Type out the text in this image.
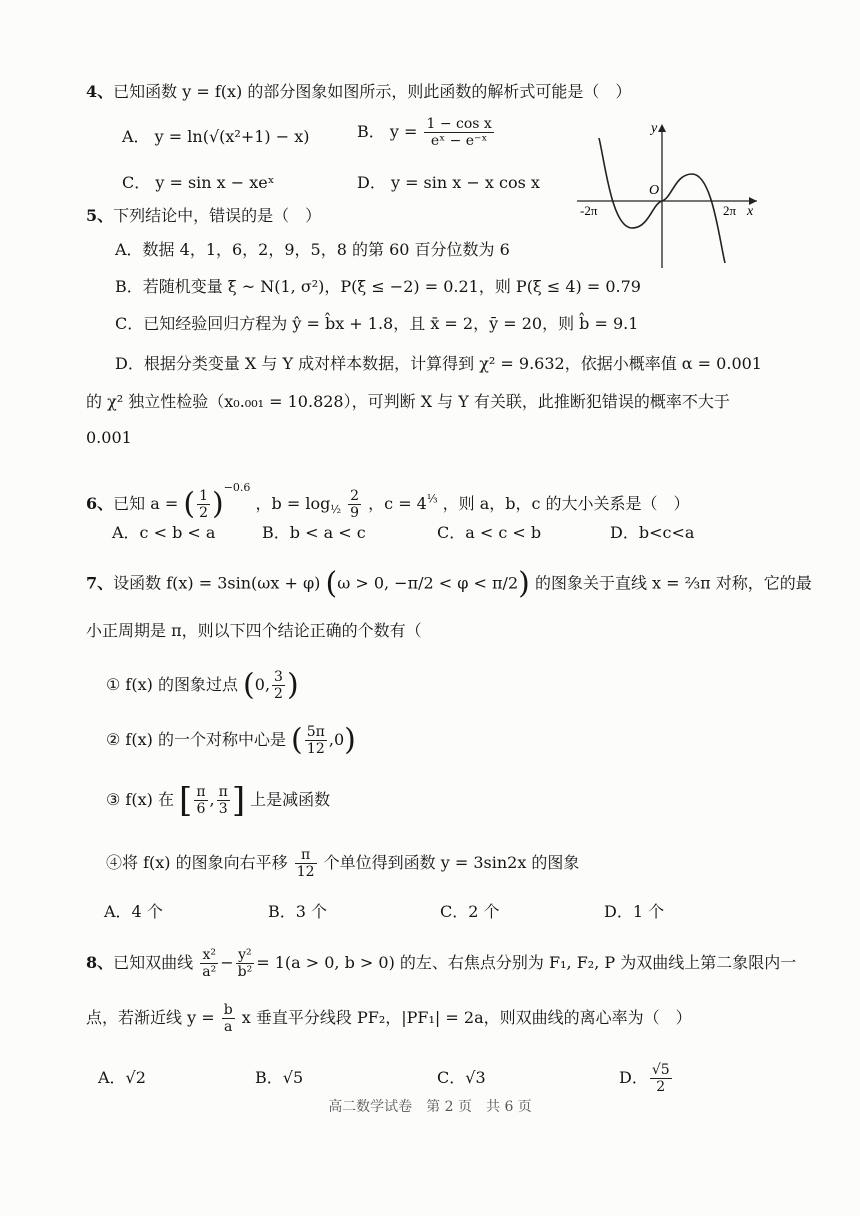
4、已知函数 y = f(x) 的部分图象如图所示，则此函数的解析式可能是（　）
A． y = ln(√(x²+1) − x)	B． $y = \frac{\text{1 − cos x}}{\text{eˣ − e⁻ˣ}}$
C． y = sin x − xeˣ	D． y = sin x − x cos x
y
x
O
-2π	2π
5、下列结论中，错误的是（　）
A．数据 4，1，6，2，9，5，8 的第 60 百分位数为 6
B．若随机变量 ξ ~ N(1, σ²)，P(ξ ≤ −2) = 0.21，则 P(ξ ≤ 4) = 0.79
C．已知经验回归方程为 ŷ = b̂x + 1.8，且 x̄ = 2，ȳ = 20，则 b̂ = 9.1
D．根据分类变量 X 与 Y 成对样本数据，计算得到 χ² = 9.632，依据小概率值 α = 0.001
的 χ² 独立性检验（x₀.₀₀₁ = 10.828），可判断 X 与 Y 有关联，此推断犯错误的概率不大于
0.001
6、已知 a = ( $\frac{1}{2} )^{-0.6}$ ，$b = \log_{\frac{1}{2}} \frac{2}{9}$ ，$c = 4^{\frac{1}{3}}$ ，则 a，b，c 的大小关系是（　）
A．c < b < a	B．b < a < c	C．a < c < b	D．b<c<a
7、设函数 f(x) = 3sin(ωx + φ) (ω > 0, −π/2 < φ < π/2) 的图象关于直线 x = ⅔π 对称，它的最
小正周期是 π，则以下四个结论正确的个数有（
① f(x) 的图象过点 (0, $\frac{3}{2}$ )
② f(x) 的一个对称中心是 ( $\frac{5\pi}{12} ,0$)
③ f(x) 在 [ $\frac{\pi}{6}$ , $\frac{\pi}{3}$ ] 上是减函数
④将 f(x) 的图象向右平移 $\frac{\pi}{12}$ 个单位得到函数 y = 3sin2x 的图象
A．4 个	B．3 个	C．2 个	D．1 个
8、已知双曲线 $\frac{\text{x²}}{\text{a²}} - \frac{\text{y²}}{\text{b²}} = 1(a > 0$, b > 0) 的左、右焦点分别为 F₁, F₂, P 为双曲线上第二象限内一
点，若渐近线 $y = \frac{b}{a}$ x 垂直平分线段 PF₂，|PF₁| = 2a，则双曲线的离心率为（　）
A．√2	B．√5	C．√3	D． $\frac{√5}{2}$
高二数学试卷　第 2 页　共 6 页
